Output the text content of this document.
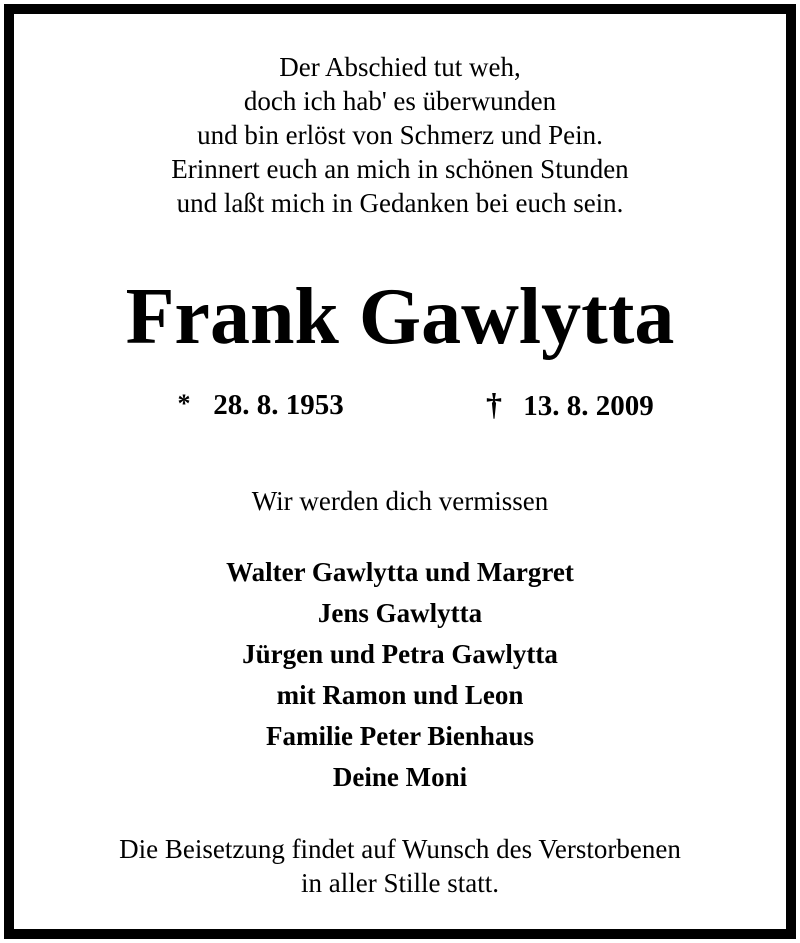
Der Abschied tut weh,
doch ich hab' es überwunden
und bin erlöst von Schmerz und Pein.
Erinnert euch an mich in schönen Stunden
und laßt mich in Gedanken bei euch sein.
Frank Gawlytta
* 28. 8. 1953	† 13. 8. 2009
Wir werden dich vermissen
Walter Gawlytta und Margret
Jens Gawlytta
Jürgen und Petra Gawlytta
mit Ramon und Leon
Familie Peter Bienhaus
Deine Moni
Die Beisetzung findet auf Wunsch des Verstorbenen
in aller Stille statt.
